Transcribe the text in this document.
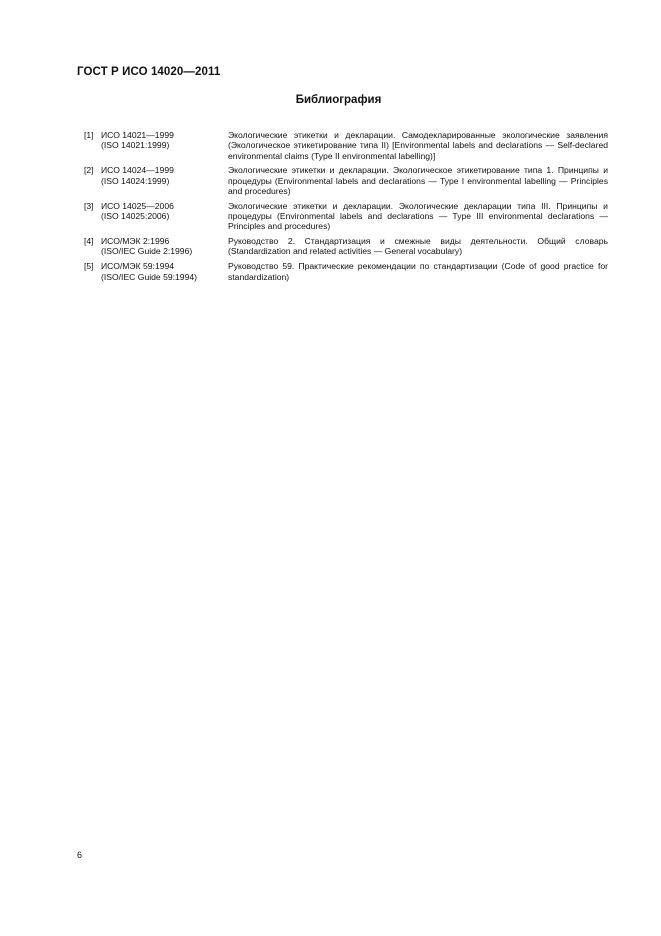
ГОСТ Р ИСО 14020—2011
Библиография
[1] ИСО 14021—1999
(ISO 14021:1999)
Экологические этикетки и декларации. Самодекларированные экологические заявления (Экологическое этикетирование типа II) [Environmental labels and declarations — Self-declared environmental claims (Type II environmental labelling)]
[2] ИСО 14024—1999
(ISO 14024:1999)
Экологические этикетки и декларации. Экологическое этикетирование типа 1. Принципы и процедуры (Environmental labels and declarations — Type I environmental labelling — Principles and procedures)
[3] ИСО 14025—2006
(ISO 14025:2006)
Экологические этикетки и декларации. Экологические декларации типа III. Принципы и процедуры (Environmental labels and declarations — Type III environmental declarations — Principles and procedures)
[4] ИСО/МЭК 2:1996
(ISO/IEC Guide 2:1996)
Руководство 2. Стандартизация и смежные виды деятельности. Общий словарь (Standardization and related activities — General vocabulary)
[5] ИСО/МЭК 59:1994
(ISO/IEC Guide 59:1994)
Руководство 59. Практические рекомендации по стандартизации (Code of good practice for standardization)
6
